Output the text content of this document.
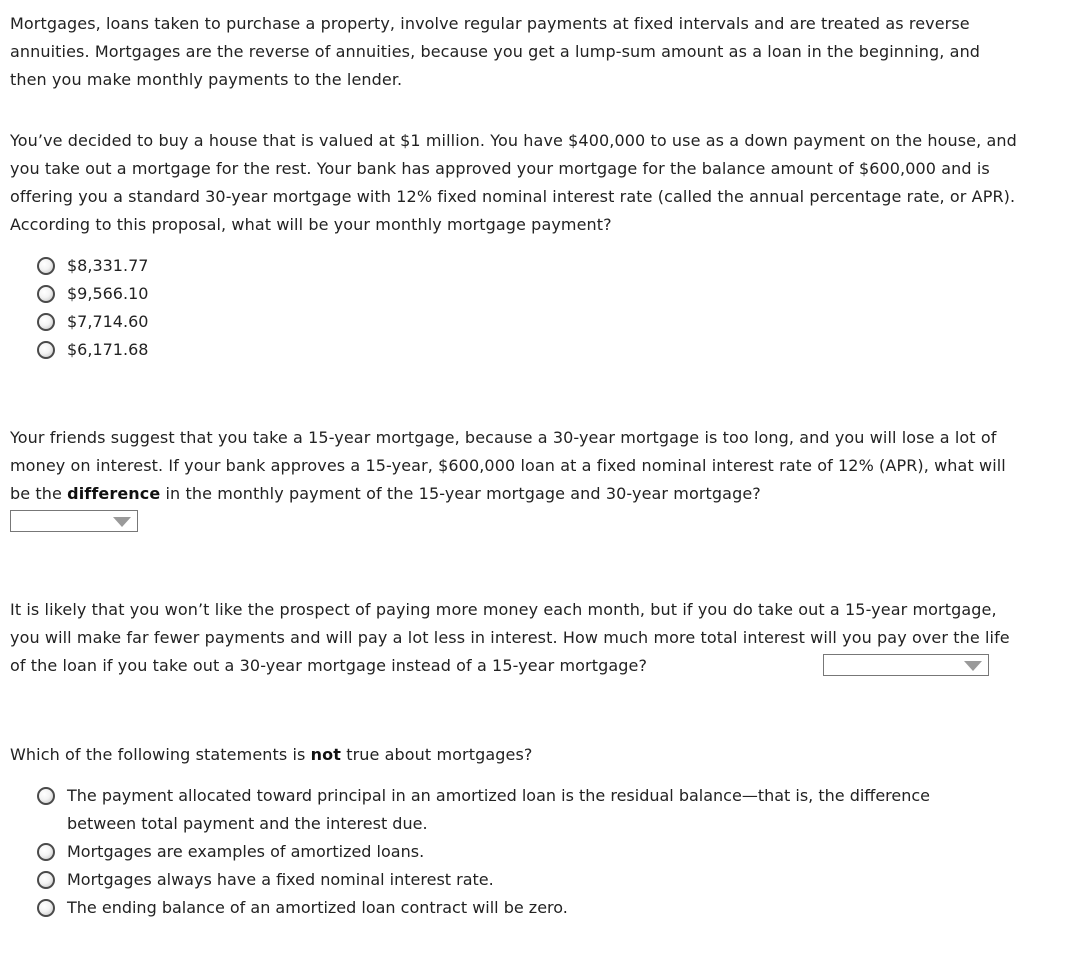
Mortgages, loans taken to purchase a property, involve regular payments at fixed intervals and are treated as reverse annuities. Mortgages are the reverse of annuities, because you get a lump-sum amount as a loan in the beginning, and then you make monthly payments to the lender.

You’ve decided to buy a house that is valued at $1 million. You have $400,000 to use as a down payment on the house, and you take out a mortgage for the rest. Your bank has approved your mortgage for the balance amount of $600,000 and is offering you a standard 30-year mortgage with 12% fixed nominal interest rate (called the annual percentage rate, or APR). According to this proposal, what will be your monthly mortgage payment?

$8,331.77
$9,566.10
$7,714.60
$6,171.68

Your friends suggest that you take a 15-year mortgage, because a 30-year mortgage is too long, and you will lose a lot of money on interest. If your bank approves a 15-year, $600,000 loan at a fixed nominal interest rate of 12% (APR), what will be the difference in the monthly payment of the 15-year mortgage and 30-year mortgage?

It is likely that you won’t like the prospect of paying more money each month, but if you do take out a 15-year mortgage, you will make far fewer payments and will pay a lot less in interest. How much more total interest will you pay over the life of the loan if you take out a 30-year mortgage instead of a 15-year mortgage?

Which of the following statements is not true about mortgages?

The payment allocated toward principal in an amortized loan is the residual balance—that is, the difference between total payment and the interest due.
Mortgages are examples of amortized loans.
Mortgages always have a fixed nominal interest rate.
The ending balance of an amortized loan contract will be zero.
